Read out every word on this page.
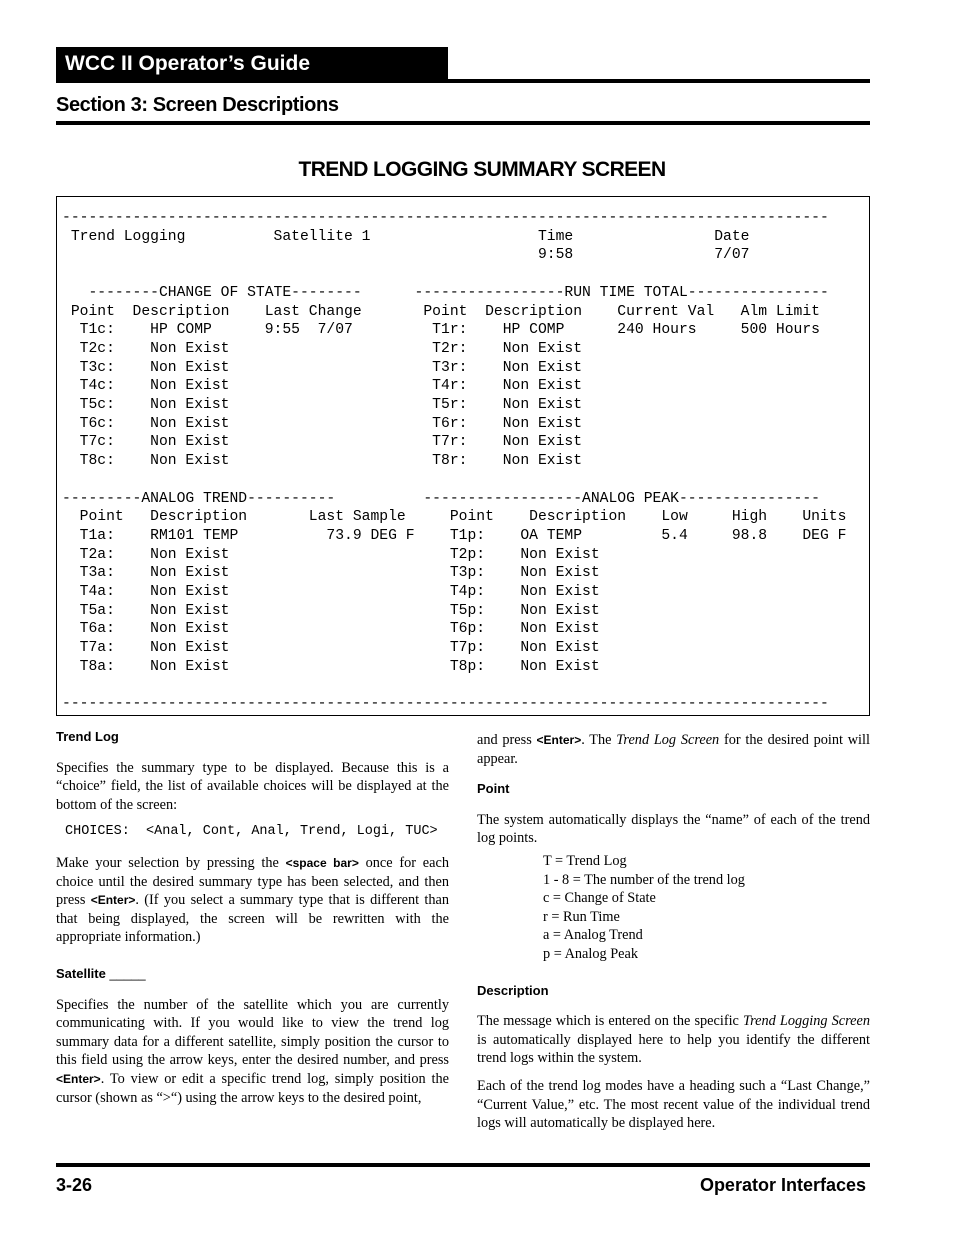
WCC II Operator’s Guide
Section 3: Screen Descriptions
TREND LOGGING SUMMARY SCREEN
---------------------------------------------------------------------------------------
Trend Logging          Satellite 1                   Time                Date
9:58                7/07

--------CHANGE OF STATE--------      -----------------RUN TIME TOTAL----------------
Point  Description    Last Change       Point  Description    Current Val   Alm Limit
T1c:    HP COMP      9:55  7/07         T1r:    HP COMP      240 Hours     500 Hours
T2c:    Non Exist                       T2r:    Non Exist
T3c:    Non Exist                       T3r:    Non Exist
T4c:    Non Exist                       T4r:    Non Exist
T5c:    Non Exist                       T5r:    Non Exist
T6c:    Non Exist                       T6r:    Non Exist
T7c:    Non Exist                       T7r:    Non Exist
T8c:    Non Exist                       T8r:    Non Exist

---------ANALOG TREND----------          ------------------ANALOG PEAK----------------
Point   Description       Last Sample     Point    Description    Low     High    Units
T1a:    RM101 TEMP          73.9 DEG F    T1p:    OA TEMP         5.4     98.8    DEG F
T2a:    Non Exist                         T2p:    Non Exist
T3a:    Non Exist                         T3p:    Non Exist
T4a:    Non Exist                         T4p:    Non Exist
T5a:    Non Exist                         T5p:    Non Exist
T6a:    Non Exist                         T6p:    Non Exist
T7a:    Non Exist                         T7p:    Non Exist
T8a:    Non Exist                         T8p:    Non Exist

---------------------------------------------------------------------------------------
Trend Log

Specifies the summary type to be displayed. Because this is a “choice” field, the list of available choices will be displayed at the bottom of the screen:

CHOICES:  <Anal, Cont, Anal, Trend, Logi, TUC>

Make your selection by pressing the <space bar> once for each choice until the desired summary type has been selected, and then press <Enter>. (If you select a summary type that is different than that being displayed, the screen will be rewritten with the appropriate information.)

Satellite _____

Specifies the number of the satellite which you are currently communicating with. If you would like to view the trend log summary data for a different satellite, simply position the cursor to this field using the arrow keys, enter the desired number, and press <Enter>. To view or edit a specific trend log, simply position the cursor (shown as “>“) using the arrow keys to the desired point,

and press <Enter>. The Trend Log Screen for the desired point will appear.

Point

The system automatically displays the “name” of each of the trend log points.

T = Trend Log
1 - 8 = The number of the trend log
c = Change of State
r = Run Time
a = Analog Trend
p = Analog Peak
Description

The message which is entered on the specific Trend Logging Screen is automatically displayed here to help you identify the different trend logs within the system.

Each of the trend log modes have a heading such a “Last Change,” “Current Value,” etc. The most recent value of the individual trend logs will automatically be displayed here.

3-26	Operator Interfaces
